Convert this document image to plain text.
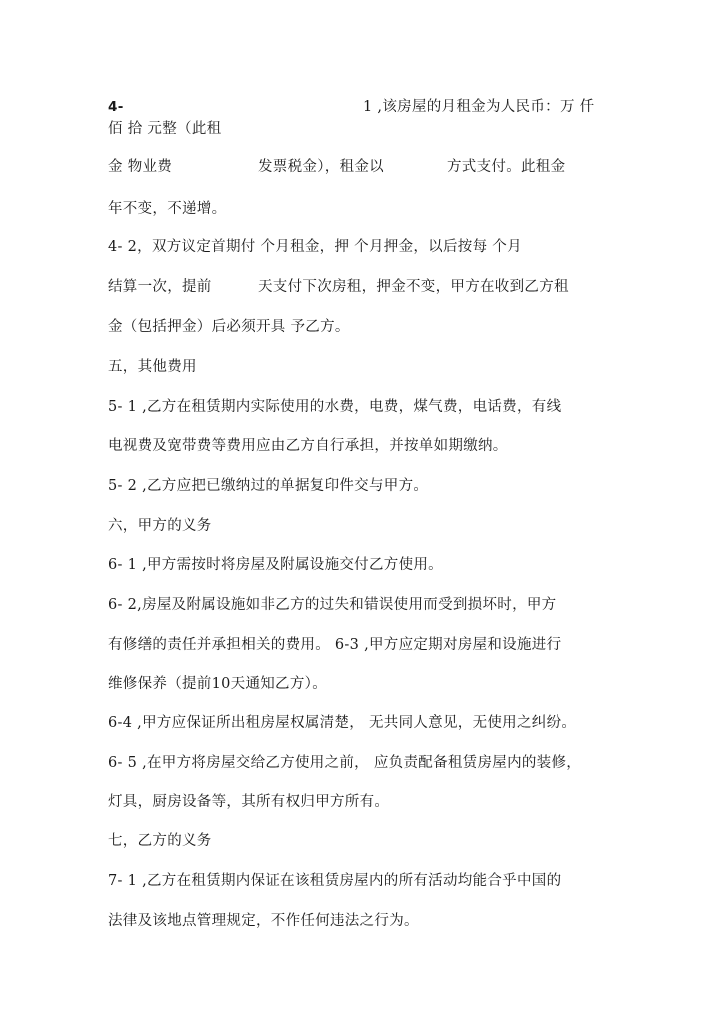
4-	1 ,该房屋的月租金为人民币：万 仟
佰 拾 元整（此租
金 物业费	发票税金），租金以	方式支付。此租金
年不变，不递增。
4- 2，双方议定首期付 个月租金，押 个月押金，以后按每 个月
结算一次，提前	天支付下次房租，押金不变，甲方在收到乙方租
金（包括押金）后必须开具 予乙方。
五，其他费用
5- 1 ,乙方在租赁期内实际使用的水费，电费，煤气费，电话费，有线
电视费及宽带费等费用应由乙方自行承担，并按单如期缴纳。
5- 2 ,乙方应把已缴纳过的单据复印件交与甲方。
六，甲方的义务
6- 1 ,甲方需按时将房屋及附属设施交付乙方使用。
6- 2,房屋及附属设施如非乙方的过失和错误使用而受到损坏时，甲方
有修缮的责任并承担相关的费用。 6-3 ,甲方应定期对房屋和设施进行
维修保养（提前10天通知乙方）。
6-4 ,甲方应保证所出租房屋权属清楚， 无共同人意见，无使用之纠纷。
6- 5 ,在甲方将房屋交给乙方使用之前， 应负责配备租赁房屋内的装修，
灯具，厨房设备等，其所有权归甲方所有。
七，乙方的义务
7- 1 ,乙方在租赁期内保证在该租赁房屋内的所有活动均能合乎中国的
法律及该地点管理规定，不作任何违法之行为。
